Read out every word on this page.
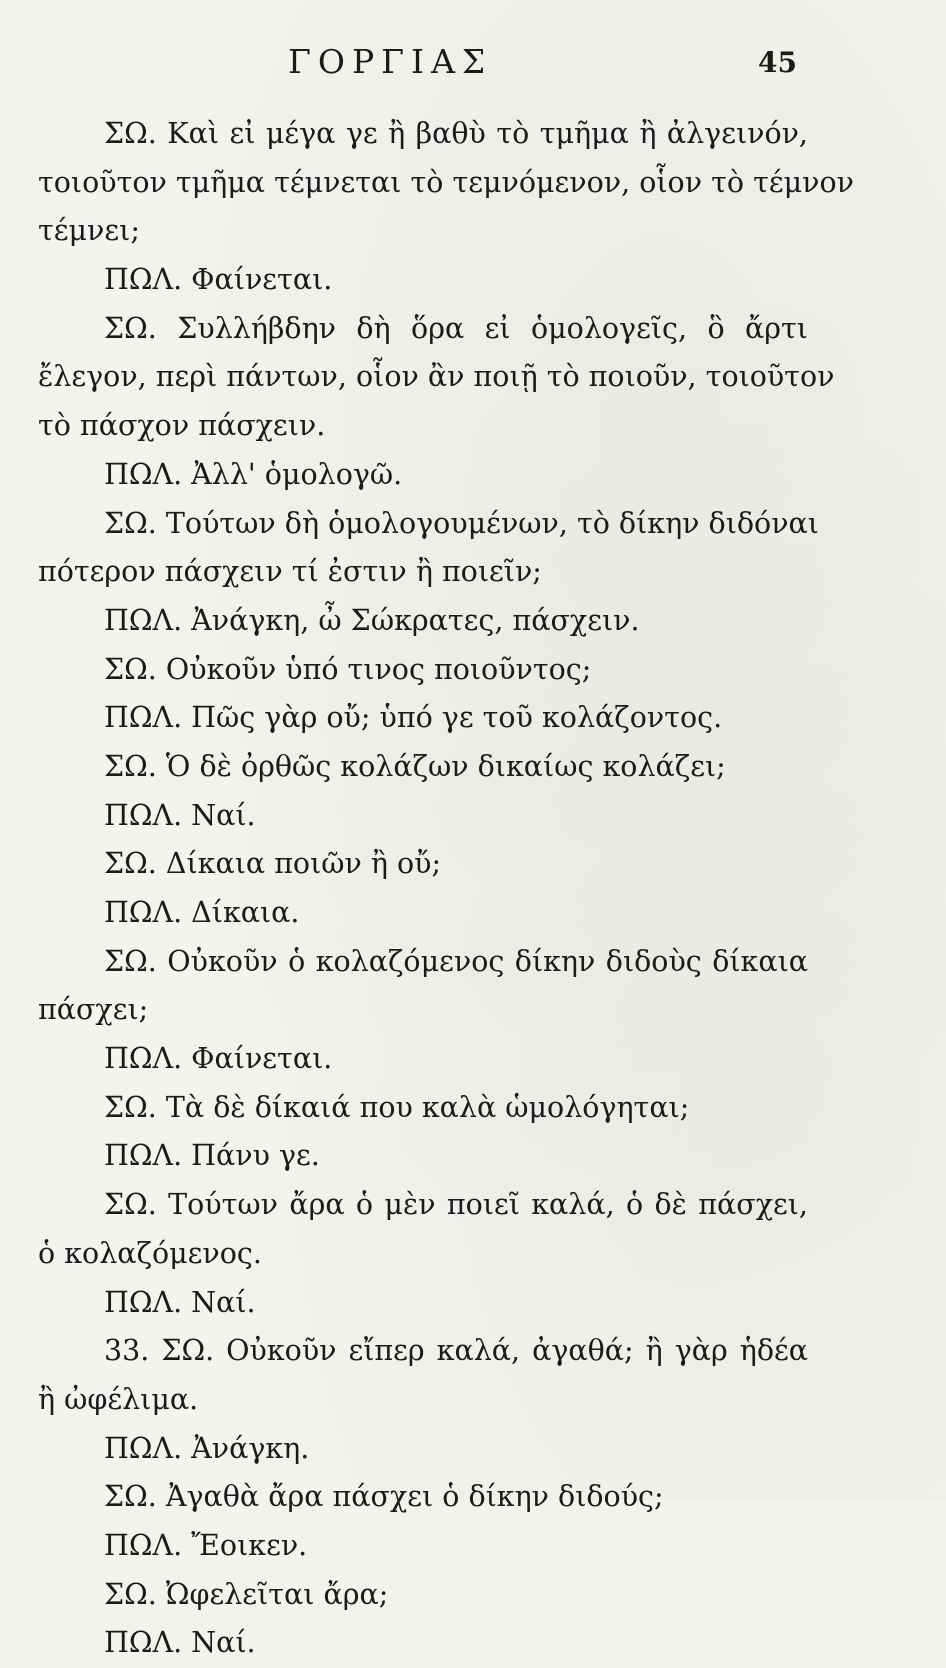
ΓΟΡΓΙΑΣ	45
ΣΩ. Καὶ εἰ μέγα γε ἢ βαθὺ τὸ τμῆμα ἢ ἀλγεινόν,
τοιοῦτον τμῆμα τέμνεται τὸ τεμνόμενον, οἷον τὸ τέμνον
τέμνει;
ΠΩΛ. Φαίνεται.
ΣΩ. Συλλήβδην δὴ ὅρα εἰ ὁμολογεῖς, ὃ ἄρτι
ἔλεγον, περὶ πάντων, οἷον ἂν ποιῇ τὸ ποιοῦν, τοιοῦτον
τὸ πάσχον πάσχειν.
ΠΩΛ. Ἀλλ' ὁμολογῶ.
ΣΩ. Τούτων δὴ ὁμολογουμένων, τὸ δίκην διδόναι
πότερον πάσχειν τί ἐστιν ἢ ποιεῖν;
ΠΩΛ. Ἀνάγκη, ὦ Σώκρατες, πάσχειν.
ΣΩ. Οὐκοῦν ὑπό τινος ποιοῦντος;
ΠΩΛ. Πῶς γὰρ οὔ; ὑπό γε τοῦ κολάζοντος.
ΣΩ. Ὁ δὲ ὀρθῶς κολάζων δικαίως κολάζει;
ΠΩΛ. Ναί.
ΣΩ. Δίκαια ποιῶν ἢ οὔ;
ΠΩΛ. Δίκαια.
ΣΩ. Οὐκοῦν ὁ κολαζόμενος δίκην διδοὺς δίκαια
πάσχει;
ΠΩΛ. Φαίνεται.
ΣΩ. Τὰ δὲ δίκαιά που καλὰ ὡμολόγηται;
ΠΩΛ. Πάνυ γε.
ΣΩ. Τούτων ἄρα ὁ μὲν ποιεῖ καλά, ὁ δὲ πάσχει,
ὁ κολαζόμενος.
ΠΩΛ. Ναί.
33. ΣΩ. Οὐκοῦν εἴπερ καλά, ἀγαθά; ἢ γὰρ ἡδέα
ἢ ὠφέλιμα.
ΠΩΛ. Ἀνάγκη.
ΣΩ. Ἀγαθὰ ἄρα πάσχει ὁ δίκην διδούς;
ΠΩΛ. Ἔοικεν.
ΣΩ. Ὠφελεῖται ἄρα;
ΠΩΛ. Ναί.
